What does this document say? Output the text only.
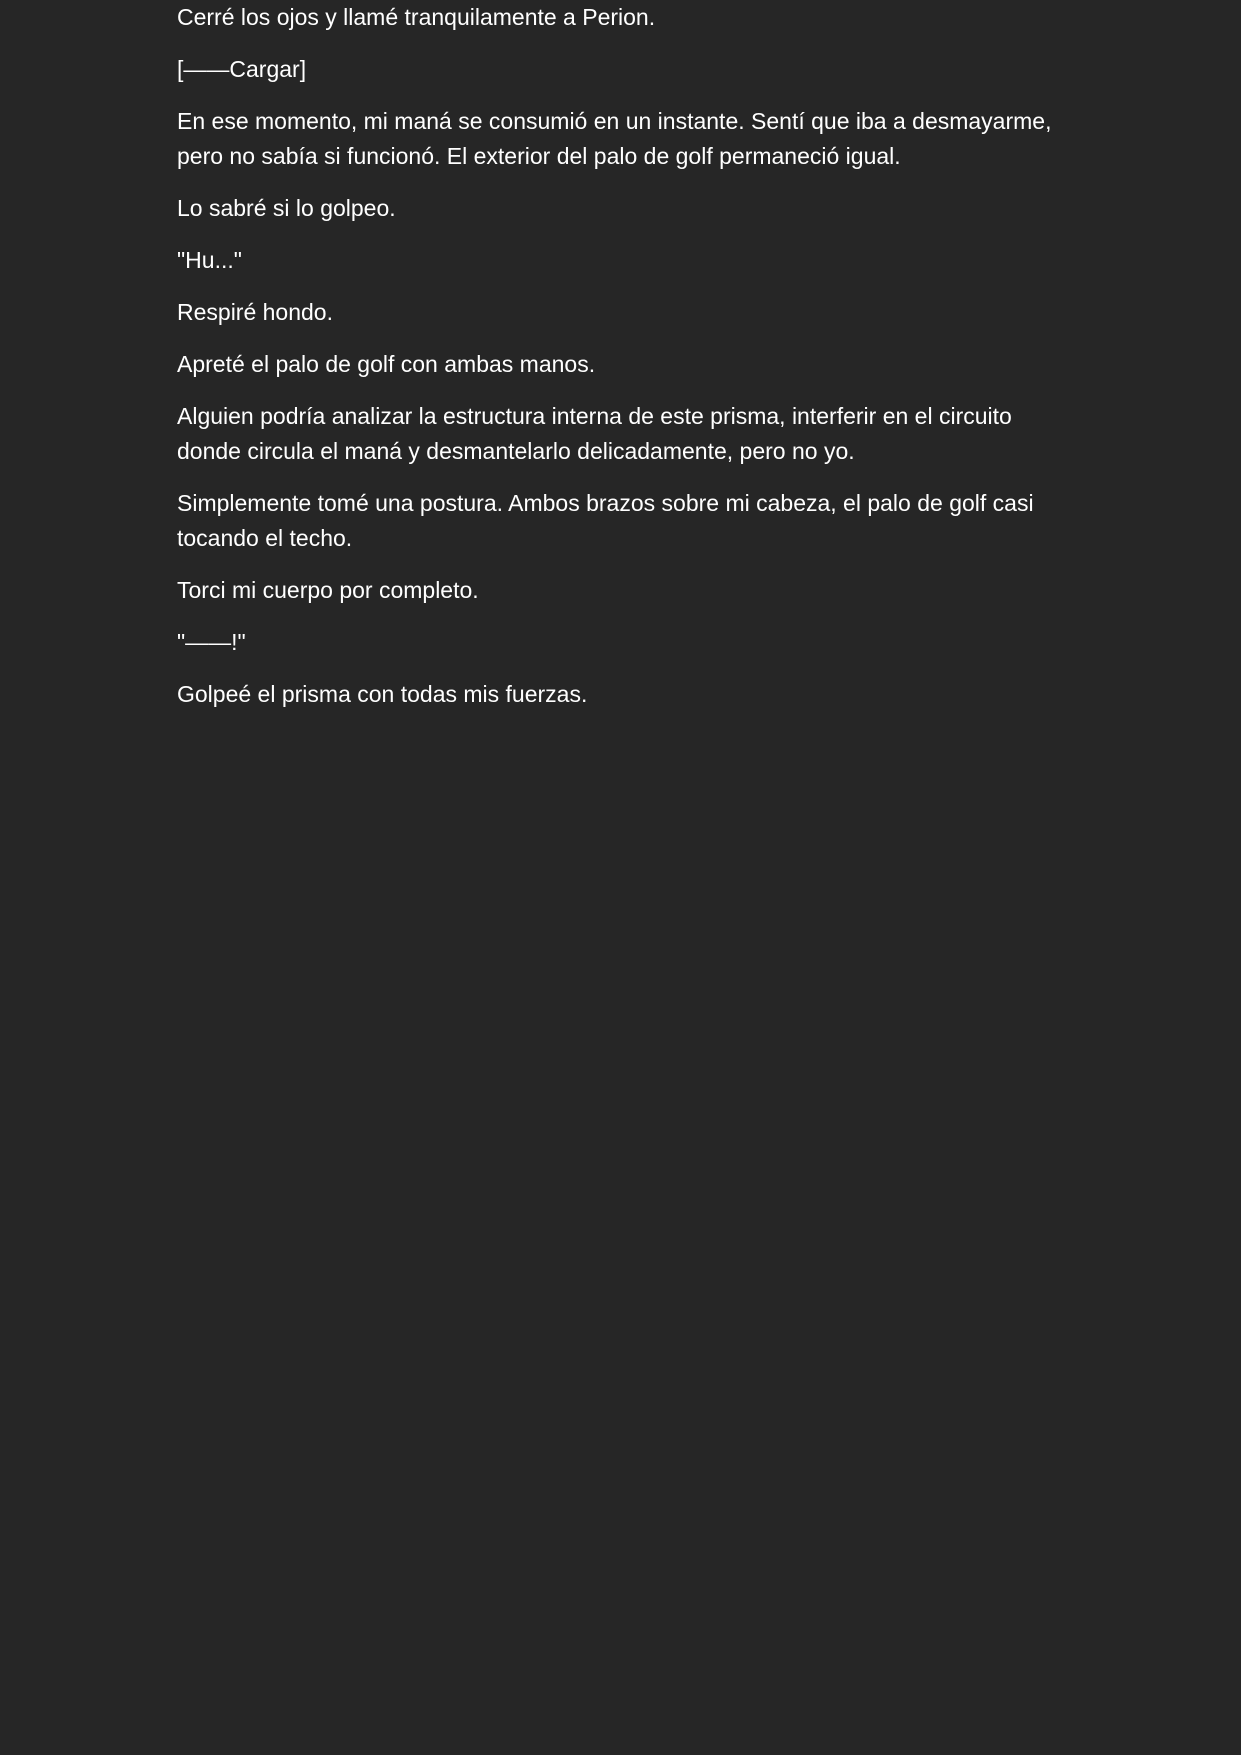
Cerré los ojos y llamé tranquilamente a Perion.

[——Cargar]

En ese momento, mi maná se consumió en un instante. Sentí que iba a desmayarme, pero no sabía si funcionó. El exterior del palo de golf permaneció igual.

Lo sabré si lo golpeo.

"Hu..."

Respiré hondo.

Apreté el palo de golf con ambas manos.

Alguien podría analizar la estructura interna de este prisma, interferir en el circuito donde circula el maná y desmantelarlo delicadamente, pero no yo.

Simplemente tomé una postura. Ambos brazos sobre mi cabeza, el palo de golf casi tocando el techo.

Torci mi cuerpo por completo.

"——!"

Golpeé el prisma con todas mis fuerzas.
